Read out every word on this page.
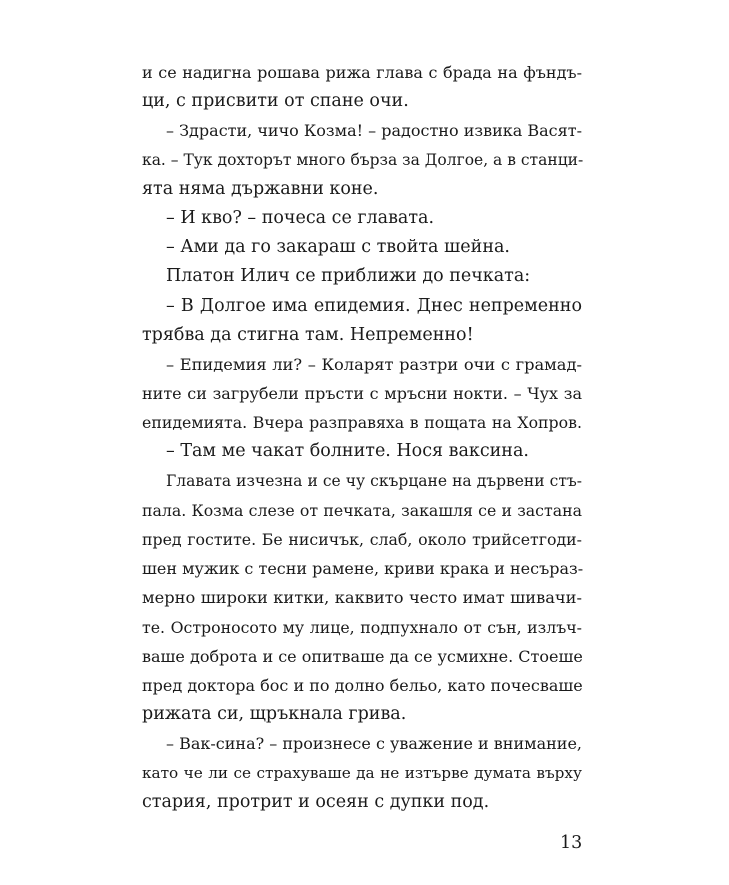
и се надигна рошава рижа глава с брада на фъндъ-
ци, с присвити от спане очи.
– Здрасти, чичо Козма! – радостно извика Васят-
ка. – Тук дохторът много бърза за Долгое, а в станци-
ята няма държавни коне.
– И кво? – почеса се главата.
– Ами да го закараш с твойта шейна.
Платон Илич се приближи до печката:
– В Долгое има епидемия. Днес непременно
трябва да стигна там. Непременно!
– Епидемия ли? – Коларят разтри очи с грамад-
ните си загрубели пръсти с мръсни нокти. – Чух за
епидемията. Вчера разправяха в пощата на Хопров.
– Там ме чакат болните. Нося ваксина.
Главата изчезна и се чу скърцане на дървени стъ-
пала. Козма слезе от печката, закашля се и застана
пред гостите. Бе нисичък, слаб, около трийсетгоди-
шен мужик с тесни рамене, криви крака и несъраз-
мерно широки китки, каквито често имат шивачи-
те. Остроносото му лице, подпухнало от сън, излъч-
ваше доброта и се опитваше да се усмихне. Стоеше
пред доктора бос и по долно бельо, като почесваше
рижата си, щръкнала грива.
– Вак-сина? – произнесе с уважение и внимание,
като че ли се страхуваше да не изтърве думата върху
стария, протрит и осеян с дупки под.
13
